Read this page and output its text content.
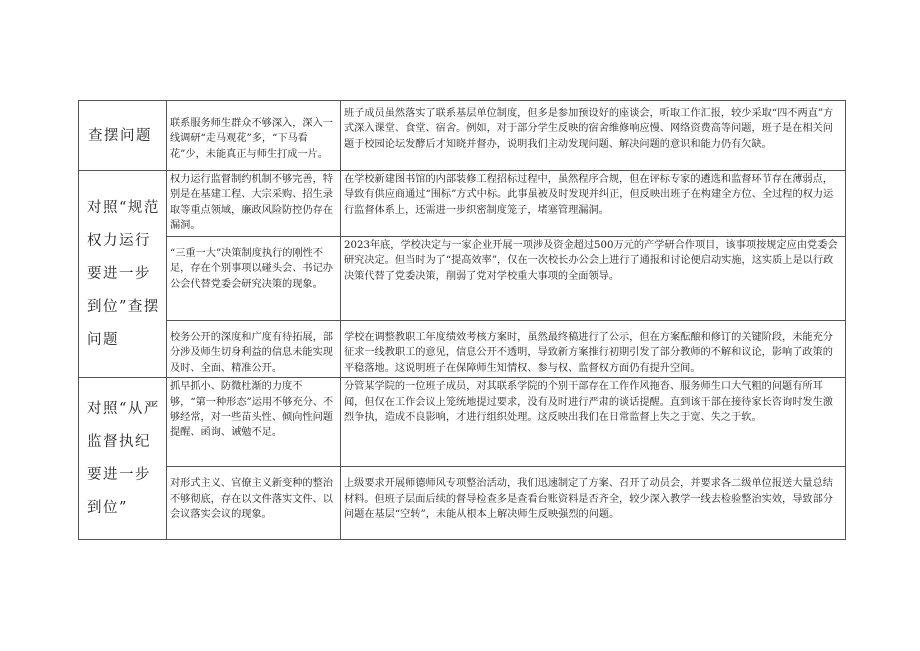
查摆问题	联系服务师生群众不够深入，深入一线调研“走马观花”多，“下马看花”少，未能真正与师生打成一片。	班子成员虽然落实了联系基层单位制度，但多是参加预设好的座谈会，听取工作汇报，较少采取“四不两直”方式深入课堂、食堂、宿舍。例如，对于部分学生反映的宿舍维修响应慢、网络资费高等问题，班子是在相关问题于校园论坛发酵后才知晓并督办，说明我们主动发现问题、解决问题的意识和能力仍有欠缺。
对照“规范权力运行要进一步到位”查摆问题	权力运行监督制约机制不够完善，特别是在基建工程、大宗采购、招生录取等重点领域，廉政风险防控仍存在漏洞。	在学校新建图书馆的内部装修工程招标过程中，虽然程序合规，但在评标专家的遴选和监督环节存在薄弱点，导致有供应商通过“围标”方式中标。此事虽被及时发现并纠正，但反映出班子在构建全方位、全过程的权力运行监督体系上，还需进一步织密制度笼子，堵塞管理漏洞。

“三重一大”决策制度执行的刚性不足，存在个别事项以碰头会、书记办公会代替党委会研究决策的现象。	2023年底，学校决定与一家企业开展一项涉及资金超过500万元的产学研合作项目，该事项按规定应由党委会研究决定。但当时为了“提高效率”，仅在一次校长办公会上进行了通报和讨论便启动实施，这实质上是以行政决策代替了党委决策，削弱了党对学校重大事项的全面领导。

校务公开的深度和广度有待拓展，部分涉及师生切身利益的信息未能实现及时、全面、精准公开。	学校在调整教职工年度绩效考核方案时，虽然最终稿进行了公示，但在方案酝酿和修订的关键阶段，未能充分征求一线教职工的意见，信息公开不透明，导致新方案推行初期引发了部分教师的不解和议论，影响了政策的平稳落地。这说明班子在保障师生知情权、参与权、监督权方面仍有提升空间。
对照“从严监督执纪要进一步到位”	抓早抓小、防微杜渐的力度不够，“第一种形态”运用不够充分、不够经常，对一些苗头性、倾向性问题提醒、函询、诫勉不足。	分管某学院的一位班子成员，对其联系学院的个别干部存在工作作风拖沓、服务师生口大气粗的问题有所耳闻，但仅在工作会议上笼统地提过要求，没有及时进行严肃的谈话提醒。直到该干部在接待家长咨询时发生激烈争执，造成不良影响，才进行组织处理。这反映出我们在日常监督上失之于宽、失之于软。

对形式主义、官僚主义新变种的整治不够彻底，存在以文件落实文件、以会议落实会议的现象。	上级要求开展师德师风专项整治活动，我们迅速制定了方案、召开了动员会，并要求各二级单位报送大量总结材料。但班子层面后续的督导检查多是查看台账资料是否齐全，较少深入教学一线去检验整治实效，导致部分问题在基层“空转”，未能从根本上解决师生反映强烈的问题。
